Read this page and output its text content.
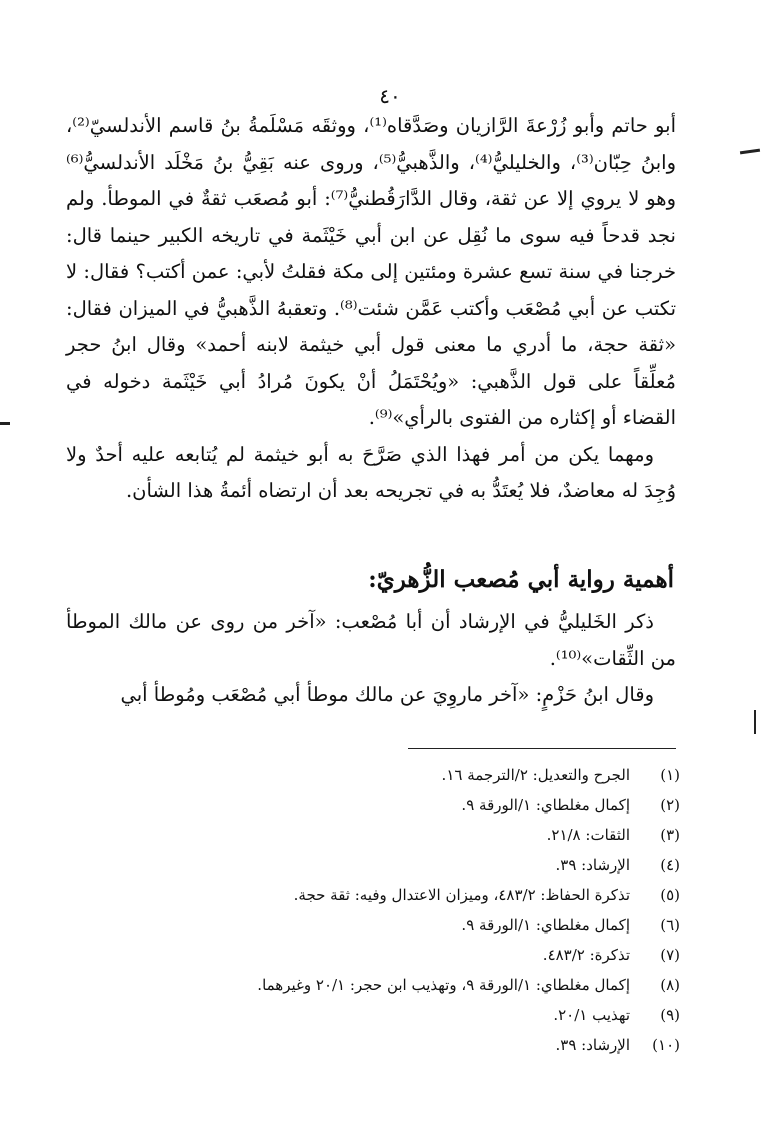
٤٠

أبو حاتم وأبو زُرْعةَ الرَّازيان وصَدَّقاه⁽¹⁾، ووثقَه مَسْلَمةُ بنُ قاسم الأندلسيّ⁽²⁾، وابنُ حِبّان⁽³⁾، والخليليُّ⁽⁴⁾، والذَّهبيُّ⁽⁵⁾، وروى عنه بَقِيُّ بنُ مَخْلَد الأندلسيُّ⁽⁶⁾ وهو لا يروي إلا عن ثقة، وقال الدَّارَقُطنيُّ⁽⁷⁾: أبو مُصعَب ثقةٌ في الموطأ. ولم نجد قدحاً فيه سوى ما نُقِل عن ابن أبي خَيْثَمة في تاريخه الكبير حينما قال: خرجنا في سنة تسع عشرة ومئتين إلى مكة فقلتُ لأبي: عمن أكتب؟ فقال: لا تكتب عن أبي مُصْعَب وأكتب عَمَّن شئت⁽⁸⁾. وتعقبهُ الذَّهبيُّ في الميزان فقال: «ثقة حجة، ما أدري ما معنى قول أبي خيثمة لابنه أحمد» وقال ابنُ حجر مُعلِّقاً على قول الذَّهبي: «ويُحْتَمَلُ أنْ يكونَ مُرادُ أبي خَيْثَمة دخوله في القضاء أو إكثاره من الفتوى بالرأي»⁽⁹⁾.

ومهما يكن من أمر فهذا الذي صَرَّحَ به أبو خيثمة لم يُتابعه عليه أحدٌ ولا وُجِدَ له معاضدٌ، فلا يُعتَدُّ به في تجريحه بعد أن ارتضاه أئمةُ هذا الشأن.

أهمية رواية أبي مُصعب الزُّهريّ:

ذكر الخَليليُّ في الإرشاد أن أبا مُصْعب: «آخر من روى عن مالك الموطأ من الثِّقات»⁽¹⁰⁾.

وقال ابنُ حَزْمٍ: «آخر ماروِيَ عن مالك موطأ أبي مُصْعَب ومُوطأ أبي

(١)
الجرح والتعديل: ٢/الترجمة ١٦.
(٢)
إكمال مغلطاي: ١/الورقة ٩.
(٣)
الثقات: ٢١/٨.
(٤)
الإرشاد: ٣٩.
(٥)
تذكرة الحفاظ: ٤٨٣/٢، وميزان الاعتدال وفيه: ثقة حجة.
(٦)
إكمال مغلطاي: ١/الورقة ٩.
(٧)
تذكرة: ٤٨٣/٢.
(٨)
إكمال مغلطاي: ١/الورقة ٩، وتهذيب ابن حجر: ٢٠/١ وغيرهما.
(٩)
تهذيب ٢٠/١.
(١٠)
الإرشاد: ٣٩.
